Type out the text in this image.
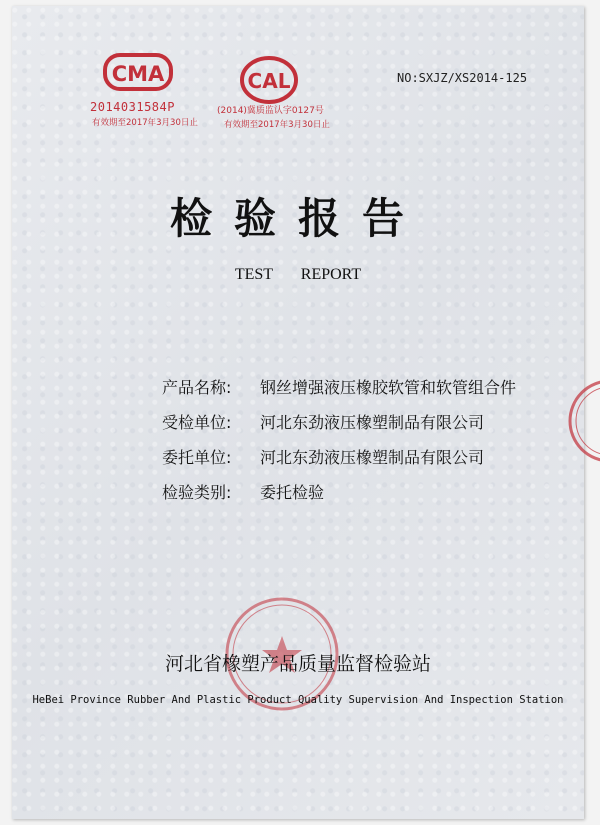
CMA
2014031584P
有效期至2017年3月30日止
CAL
(2014)冀质监认字0127号
有效期至2017年3月30日止
NO:SXJZ/XS2014-125
检验报告
TEST REPORT
产品名称:	钢丝增强液压橡胶软管和软管组合件
受检单位:	河北东劲液压橡塑制品有限公司
委托单位:	河北东劲液压橡塑制品有限公司
检验类别:	委托检验
河北省橡塑产品质量监督检验站
HeBei Province Rubber And Plastic Product Quality Supervision And Inspection Station
